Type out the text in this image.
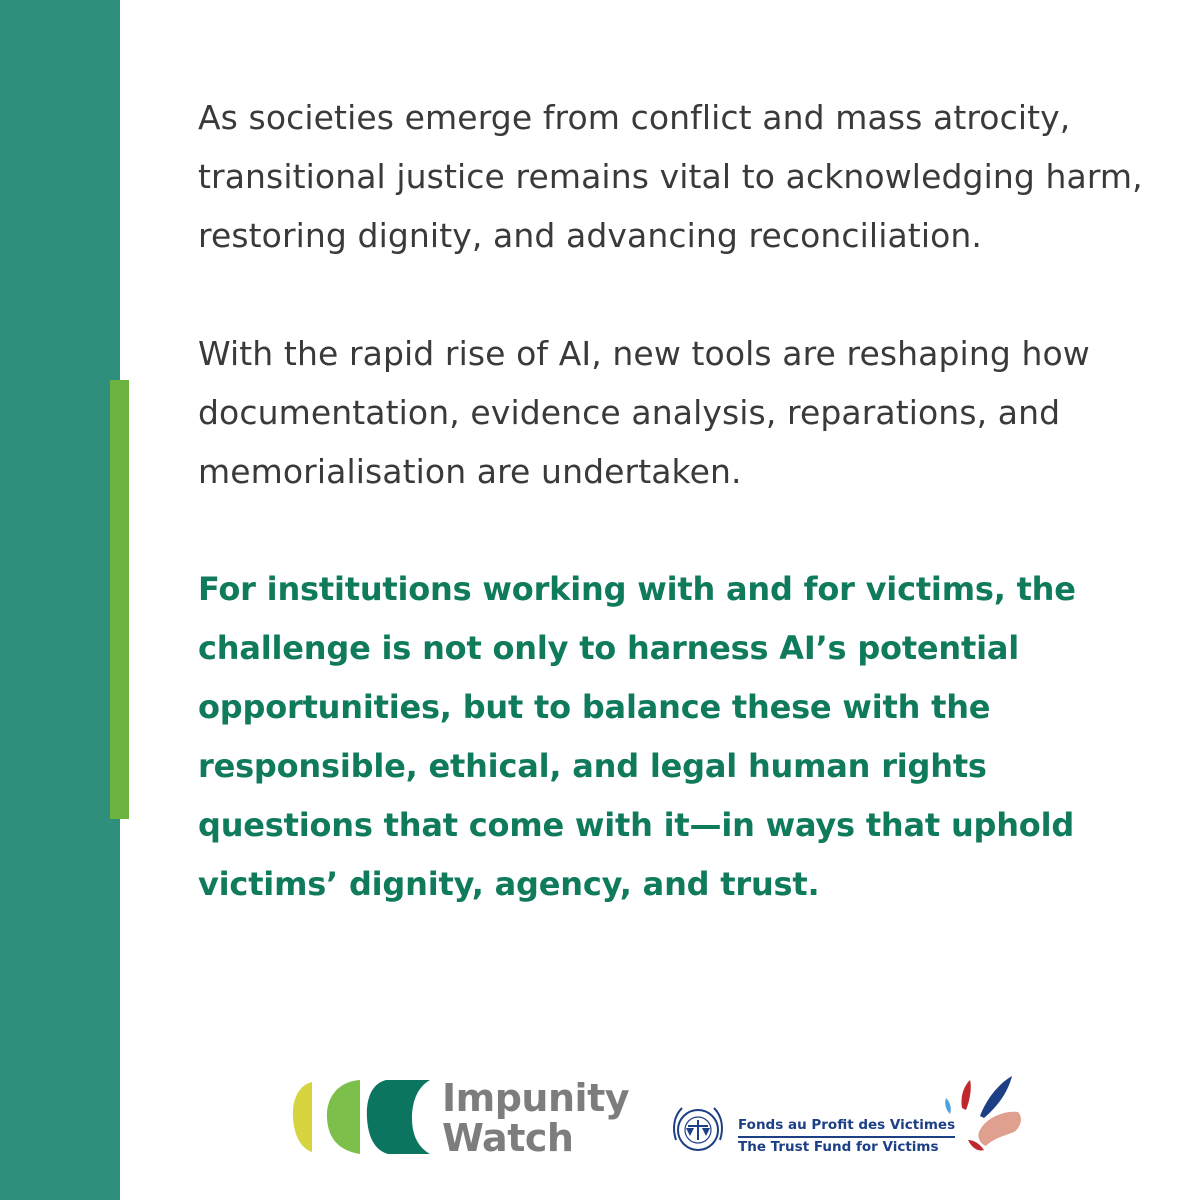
As societies emerge from conflict and mass atrocity, transitional justice remains vital to acknowledging harm, restoring dignity, and advancing reconciliation.

With the rapid rise of AI, new tools are reshaping how documentation, evidence analysis, reparations, and memorialisation are undertaken.

For institutions working with and for victims, the challenge is not only to harness AI’s potential opportunities, but to balance these with the responsible, ethical, and legal human rights questions that come with it—in ways that uphold victims’ dignity, agency, and trust.

Impunity
Watch	Fonds au Profit des Victimes
The Trust Fund for Victims
